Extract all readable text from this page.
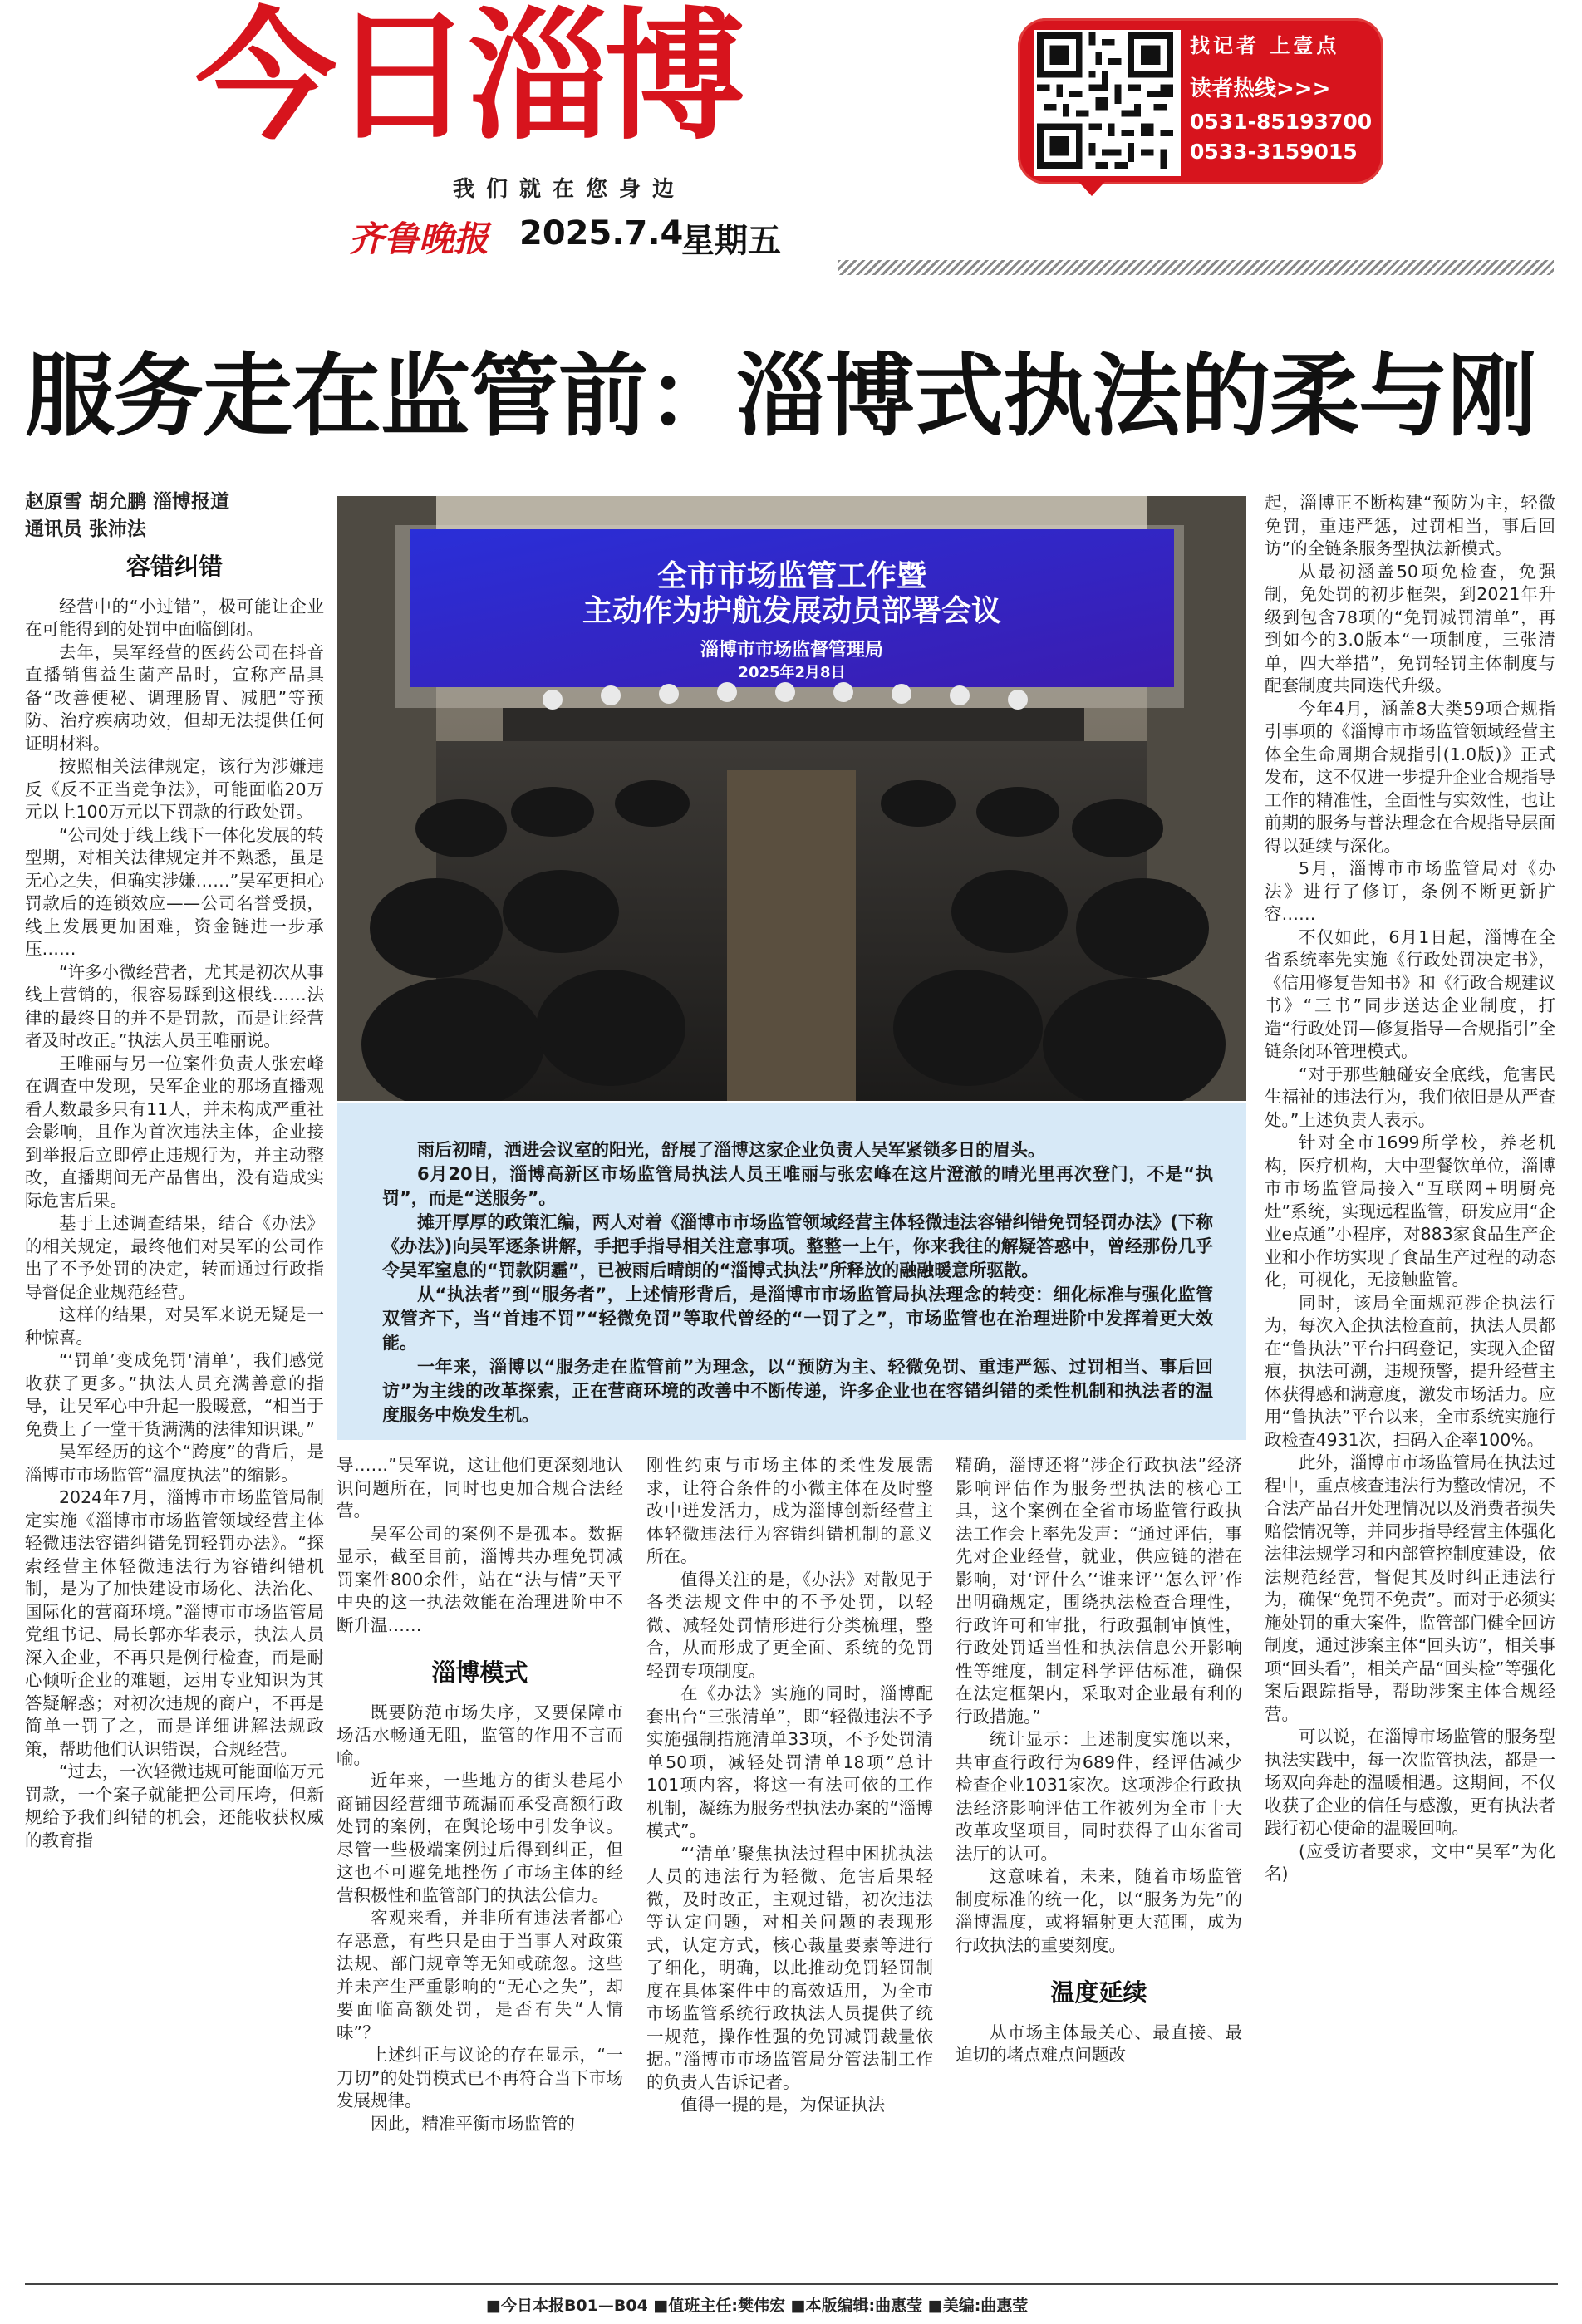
今日淄博
我们就在您身边
齐鲁晚报 2025.7.4
星期五
找记者 上壹点
读者热线>>>
0531-85193700
0533-3159015
服务走在监管前：淄博式执法的柔与刚
赵原雪 胡允鹏 淄博报道
通讯员 张沛法
全市市场监管工作暨
主动作为护航发展动员部署会议
淄博市市场监督管理局
2025年2月8日

雨后初晴，洒进会议室的阳光，舒展了淄博这家企业负责人吴军紧锁多日的眉头。

6月20日，淄博高新区市场监管局执法人员王唯丽与张宏峰在这片澄澈的晴光里再次登门，不是“执罚”，而是“送服务”。

摊开厚厚的政策汇编，两人对着《淄博市市场监管领域经营主体轻微违法容错纠错免罚轻罚办法》(下称《办法》)向吴军逐条讲解，手把手指导相关注意事项。整整一上午，你来我往的解疑答惑中，曾经那份几乎令吴军窒息的“罚款阴霾”，已被雨后晴朗的“淄博式执法”所释放的融融暖意所驱散。

从“执法者”到“服务者”，上述情形背后，是淄博市市场监管局执法理念的转变：细化标准与强化监管双管齐下，当“首违不罚”“轻微免罚”等取代曾经的“一罚了之”，市场监管也在治理进阶中发挥着更大效能。

一年来，淄博以“服务走在监管前”为理念，以“预防为主、轻微免罚、重违严惩、过罚相当、事后回访”为主线的改革探索，正在营商环境的改善中不断传递，许多企业也在容错纠错的柔性机制和执法者的温度服务中焕发生机。

容错纠错

经营中的“小过错”，极可能让企业在可能得到的处罚中面临倒闭。

去年，吴军经营的医药公司在抖音直播销售益生菌产品时，宣称产品具备“改善便秘、调理肠胃、减肥”等预防、治疗疾病功效，但却无法提供任何证明材料。

按照相关法律规定，该行为涉嫌违反《反不正当竞争法》，可能面临20万元以上100万元以下罚款的行政处罚。

“公司处于线上线下一体化发展的转型期，对相关法律规定并不熟悉，虽是无心之失，但确实涉嫌……”吴军更担心罚款后的连锁效应——公司名誉受损，线上发展更加困难，资金链进一步承压……

“许多小微经营者，尤其是初次从事线上营销的，很容易踩到这根线……法律的最终目的并不是罚款，而是让经营者及时改正。”执法人员王唯丽说。

王唯丽与另一位案件负责人张宏峰在调查中发现，吴军企业的那场直播观看人数最多只有11人，并未构成严重社会影响，且作为首次违法主体，企业接到举报后立即停止违规行为，并主动整改，直播期间无产品售出，没有造成实际危害后果。

基于上述调查结果，结合《办法》的相关规定，最终他们对吴军的公司作出了不予处罚的决定，转而通过行政指导督促企业规范经营。

这样的结果，对吴军来说无疑是一种惊喜。

“‘罚单’变成免罚‘清单’，我们感觉收获了更多。”执法人员充满善意的指导，让吴军心中升起一股暖意，“相当于免费上了一堂干货满满的法律知识课。”

吴军经历的这个“跨度”的背后，是淄博市市场监管“温度执法”的缩影。

2024年7月，淄博市市场监管局制定实施《淄博市市场监管领域经营主体轻微违法容错纠错免罚轻罚办法》。“探索经营主体轻微违法行为容错纠错机制，是为了加快建设市场化、法治化、国际化的营商环境。”淄博市市场监管局党组书记、局长郭亦华表示，执法人员深入企业，不再只是例行检查，而是耐心倾听企业的难题，运用专业知识为其答疑解惑；对初次违规的商户，不再是简单一罚了之，而是详细讲解法规政策，帮助他们认识错误，合规经营。

“过去，一次轻微违规可能面临万元罚款，一个案子就能把公司压垮，但新规给予我们纠错的机会，还能收获权威的教育指

导……”吴军说，这让他们更深刻地认识问题所在，同时也更加合规合法经营。

吴军公司的案例不是孤本。数据显示，截至目前，淄博共办理免罚减罚案件800余件，站在“法与情”天平中央的这一执法效能在治理进阶中不断升温……

淄博模式

既要防范市场失序，又要保障市场活水畅通无阻，监管的作用不言而喻。

近年来，一些地方的街头巷尾小商铺因经营细节疏漏而承受高额行政处罚的案例，在舆论场中引发争议。尽管一些极端案例过后得到纠正，但这也不可避免地挫伤了市场主体的经营积极性和监管部门的执法公信力。

客观来看，并非所有违法者都心存恶意，有些只是由于当事人对政策法规、部门规章等无知或疏忽。这些并未产生严重影响的“无心之失”，却要面临高额处罚，是否有失“人情味”？

上述纠正与议论的存在显示，“一刀切”的处罚模式已不再符合当下市场发展规律。

因此，精准平衡市场监管的

刚性约束与市场主体的柔性发展需求，让符合条件的小微主体在及时整改中迸发活力，成为淄博创新经营主体轻微违法行为容错纠错机制的意义所在。

值得关注的是，《办法》对散见于各类法规文件中的不予处罚，以轻微、减轻处罚情形进行分类梳理，整合，从而形成了更全面、系统的免罚轻罚专项制度。

在《办法》实施的同时，淄博配套出台“三张清单”，即“轻微违法不予实施强制措施清单33项，不予处罚清单50项，减轻处罚清单18项”总计101项内容，将这一有法可依的工作机制，凝练为服务型执法办案的“淄博模式”。

“‘清单’聚焦执法过程中困扰执法人员的违法行为轻微、危害后果轻微，及时改正，主观过错，初次违法等认定问题，对相关问题的表现形式，认定方式，核心裁量要素等进行了细化，明确，以此推动免罚轻罚制度在具体案件中的高效适用，为全市市场监管系统行政执法人员提供了统一规范，操作性强的免罚减罚裁量依据。”淄博市市场监管局分管法制工作的负责人告诉记者。

值得一提的是，为保证执法

精确，淄博还将“涉企行政执法”经济影响评估作为服务型执法的核心工具，这个案例在全省市场监管行政执法工作会上率先发声：“通过评估，事先对企业经营，就业，供应链的潜在影响，对‘评什么’‘谁来评’‘怎么评’作出明确规定，围绕执法检查合理性，行政许可和审批，行政强制审慎性，行政处罚适当性和执法信息公开影响性等维度，制定科学评估标准，确保在法定框架内，采取对企业最有利的行政措施。”

统计显示：上述制度实施以来，共审查行政行为689件，经评估减少检查企业1031家次。这项涉企行政执法经济影响评估工作被列为全市十大改革攻坚项目，同时获得了山东省司法厅的认可。

这意味着，未来，随着市场监管制度标准的统一化，以“服务为先”的淄博温度，或将辐射更大范围，成为行政执法的重要刻度。

温度延续

从市场主体最关心、最直接、最迫切的堵点难点问题改

起，淄博正不断构建“预防为主，轻微免罚，重违严惩，过罚相当，事后回访”的全链条服务型执法新模式。

从最初涵盖50项免检查，免强制，免处罚的初步框架，到2021年升级到包含78项的“免罚减罚清单”，再到如今的3.0版本“一项制度，三张清单，四大举措”，免罚轻罚主体制度与配套制度共同迭代升级。

今年4月，涵盖8大类59项合规指引事项的《淄博市市场监管领域经营主体全生命周期合规指引(1.0版)》正式发布，这不仅进一步提升企业合规指导工作的精准性，全面性与实效性，也让前期的服务与普法理念在合规指导层面得以延续与深化。

5月，淄博市市场监管局对《办法》进行了修订，条例不断更新扩容……

不仅如此，6月1日起，淄博在全省系统率先实施《行政处罚决定书》，《信用修复告知书》和《行政合规建议书》“三书”同步送达企业制度，打造“行政处罚—修复指导—合规指引”全链条闭环管理模式。

“对于那些触碰安全底线，危害民生福祉的违法行为，我们依旧是从严查处。”上述负责人表示。

针对全市1699所学校，养老机构，医疗机构，大中型餐饮单位，淄博市市场监管局接入“互联网+明厨亮灶”系统，实现远程监管，研发应用“企业e点通”小程序，对883家食品生产企业和小作坊实现了食品生产过程的动态化，可视化，无接触监管。

同时，该局全面规范涉企执法行为，每次入企执法检查前，执法人员都在“鲁执法”平台扫码登记，实现入企留痕，执法可溯，违规预警，提升经营主体获得感和满意度，激发市场活力。应用“鲁执法”平台以来，全市系统实施行政检查4931次，扫码入企率100%。

此外，淄博市市场监管局在执法过程中，重点核查违法行为整改情况，不合法产品召开处理情况以及消费者损失赔偿情况等，并同步指导经营主体强化法律法规学习和内部管控制度建设，依法规范经营，督促其及时纠正违法行为，确保“免罚不免责”。而对于必须实施处罚的重大案件，监管部门健全回访制度，通过涉案主体“回头访”，相关事项“回头看”，相关产品“回头检”等强化案后跟踪指导，帮助涉案主体合规经营。

可以说，在淄博市场监管的服务型执法实践中，每一次监管执法，都是一场双向奔赴的温暖相遇。这期间，不仅收获了企业的信任与感激，更有执法者践行初心使命的温暖回响。

(应受访者要求，文中“吴军”为化名)

■今日本报B01—B04 ■值班主任:樊伟宏 ■本版编辑:曲惠莹 ■美编:曲惠莹
